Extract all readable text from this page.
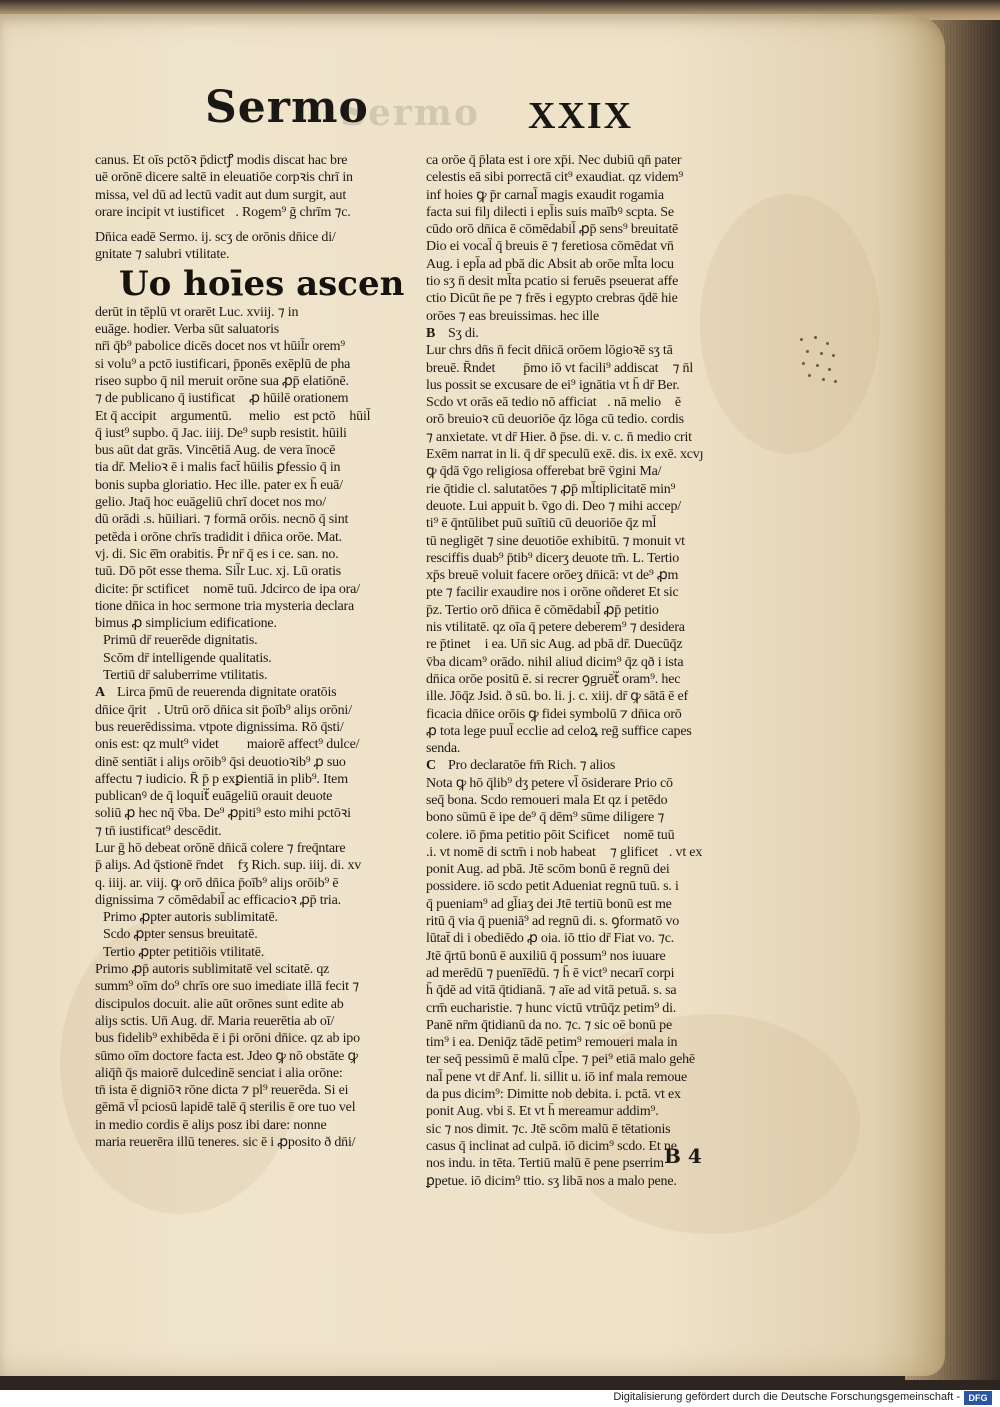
Sermo
Sermo	XXIX
canus. Et oīs pctōꝛ p̄dictꝭ modis discat hac bre
uē orōnē dicere saltē in eleuatiōe corpꝛis chrī in
missa, vel dū ad lectū vadit aut dum surgit, aut
orare incipit vt iustificet᷑. Rogem⁹ ḡ chrīm ⁊c.
Dn̄ica eadē Sermo. ij. scʒ de orōnis dn̄ice di/
gnitate ⁊ salubri vtilitate.
Uo hoīes ascen
derūt in tēplū vt orarēt Luc. xviij. ⁊ in
euāge. hodier. Verba sūt saluatoris
nr̄i q̄b⁹ pabolice dicēs docet nos vt hūil̄r orem⁹
si volu⁹ a pctō iustificari, p̄ponēs exēplū de pha
riseo supbo q̄ nil meruit orōne sua ꝓp̄ elatiōnē.
⁊ de publicano q̄ iustificat᷑ ꝓ hūilē orationem
Et q̄ accipit᷑ argumentū. ꝙ melioꝛ est pctōꝛ hūil̄
q̄ iust⁹ supbo. q̄ Jac. iiij. De⁹ supb resistit. hūili
bus aūt dat grās. Vincētiā Aug. de vera īnocē
tia dr̄. Melioꝛ ē i malis fact̄ hūilis ꝑfessio q̄ in
bonis supba gloriatio. Hec ille. pater ex h̄ euā/
gelio. Jtaq̄ hoc euāgeliū chrī docet nos mo/
dū orādi .s. hūiliari. ⁊ formā orōis. necnō q̄ sint
petēda i orōne chrīs tradidit i dn̄ica orōe. Mat.
vj. di. Sic ē̄m orabitis. P̄r nr̄ q̄ es i ce. san. no.
tuū. Dō pōt esse thema. Sil̄r Luc. xj. Lū oratis
dicite: p̄r sctificet᷑ nomē tuū. Jdcirco de ipa ora/
tione dn̄ica in hoc sermone tria mysteria declara
bimus ꝓ simplicium edificatione.
Primū dr̄ reuerēde dignitatis.
Scōm dr̄ intelligende qualitatis.
Tertiū dr̄ saluberrime vtilitatis.
A Lirca p̄mū de reuerenda dignitate oratōis
dn̄ice q̄rit᷑. Utrū orō dn̄ica sit p̄oīb⁹ aliȷs orōni/
bus reuerēdissima. vtpote dignissima. Rō q̄sti/
onis est: qz mult⁹ videt᷑ ꝙ maiorē affect⁹ dulce/
dinē sentiāt i aliȷs orōib⁹ q̄si deuotioꝛib⁹ ꝓ suo
affectu ⁊ iudicio. R̄ p̄ p exꝑientiā in plib⁹. Item
publicanꝰ de q̄ loquit᷑ euāgeliū orauit deuote
soliū ꝓ hec nq̄ v̄ba. De⁹ ꝓpiti⁹ esto mihi pctōꝛi
⁊ tn̄ iustificat⁹ descēdit.
Lur ḡ hō debeat orōnē dn̄icā colere ⁊ freq̄ntare
p̄ aliȷs. Ad q̄stionē r̄ndet᷑ fʒ Rich. sup. iiij. di. xv
q. iiij. ar. viij. ꝙ orō dn̄ica p̄oīb⁹ aliȷs orōib⁹ ē
dignissima ⁊ cōmēdabil̄ ac efficacioꝛ ꝓp̄ tria.
Primo ꝓpter autoris sublimitatē.
Scdo ꝓpter sensus breuitatē.
Tertio ꝓpter petitiōis vtilitatē.
Primo ꝓp̄ autoris sublimitatē vel scitatē. qz
summ⁹ oīm do⁹ chrīs ore suo imediate illā fecit ⁊
discipulos docuit. alie aūt orōnes sunt edite ab
aliȷs sctis. Un̄ Aug. dr̄. Maria reuerētia ab oī/
bus fidelib⁹ exhibēda ē i p̄i orōni dn̄ice. qz ab ipo
sūmo oīm doctore facta est. Jdeo ꝙ nō obstāte ꝙ
aliq̄ñ q̄s maiorē dulcedinē senciat i alia orōne:
tn̄ ista ē digniōꝛ rōne dicta ⁊ pl⁹ reuerēda. Si ei
gēmā vl̄ pciosū lapidē talē q̄ sterilis ē ore tuo vel
in medio cordis ē aliȷs posz ibi dare: nonne
maria reuerēra illū teneres. sic ē i ꝓposito ð dn̄i/
ca orōe q̄ p̄lata est i ore xp̄i. Nec dubiū qn̄ pater
celestis eā sibi porrectā cit⁹ exaudiat. qz videm⁹
inf hoies ꝙ p̄r carnal̄ magis exaudit rogamia
facta sui filȷ dilecti i epl̄is suis maībꝰ scpta. Se
cūdo orō dn̄ica ē cōmēdabil̄ ꝓp̄ sens⁹ breuitatē
Dio ei vocal̄ q̄ breuis ē ⁊ feretiosa cōmēdat vn̄
Aug. i epl̄a ad pbā dic Absit ab orōe ml̄ta locu
tio sʒ n̄ desit ml̄ta pcatio si feruēs pseuerat affe
ctio Dicūt n̄e pe ⁊ frēs i egypto crebras q̄dē hie
orōes ⁊ eas breuissimas. hec ille
B Sʒ di.
Lur chrs dn̄s n̄ fecit dn̄icā orōem lōgioꝛē sʒ tā
breuē. R̄ndet᷑ ꝙ p̄mo iō vt facili⁹ addiscat᷑ ⁊ n̄l
lus possit se excusare de ei⁹ ignātia vt h̄ dr̄ Ber.
Scdo vt orās eā tedio nō afficiat᷑. nā melioꝛ ē
orō breuioꝛ cū deuoriōe q̄z lōga cū tedio. cordis
⁊ anxietate. vt dr̄ Hier. ð p̄se. di. v. c. n̄ medio crit
Exēm narrat in li. q̄ dr̄ speculū exē. dis. ix exē. xcvȷ
ꝙ q̄dā v̄go religiosa offerebat brē v̄gini Ma/
rie q̄tidie cl. salutatōes ⁊ ꝓp̄ ml̄tiplicitatē min⁹
deuote. Lui appuit b. v̄go di. Deo ⁊ mihi accep/
ti⁹ ē q̄ntūlibet puū suītiū cū deuoriōe q̄z ml̄
tū negligēt ⁊ sine deuotiōe exhibitū. ⁊ monuit vt
resciffis duab⁹ p̄tib⁹ dicerʒ deuote tm̄. L. Tertio
xp̄s breuē voluit facere orōeʒ dn̄icā: vt de⁹ ꝓm
pte ⁊ facilir exaudire nos i orōne oñderet Et sic
p̄z. Tertio orō dn̄ica ē cōmēdabil̄ ꝓp̄ petitio
nis vtilitatē. qz oīa q̄ petere deberem⁹ ⁊ desidera
re p̄tinet᷑ i ea. Un̄ sic Aug. ad pbā dr̄. Duecūq̄z
v̄ba dicam⁹ orādo. nihil aliud dicim⁹ q̄z qð i ista
dn̄ica orōe positū ē. si recrer ꝯgruēt᷑ oram⁹. hec
ille. Jōq̄z Jsid. ð sū. bo. li. j. c. xiij. dr̄ ꝙ sātā ē ef
ficacia dn̄ice orōis ꝙ fidei symbolū ⁊ dn̄ica orō
ꝓ tota lege puul̄ ecclie ad celoꝝ reḡ suffice capes
senda.
C Pro declaratōe fm̄ Rich. ⁊ alios
Nota ꝙ hō q̄lib⁹ dʒ petere vl̄ ōsiderare Prio cō
seq̄ bona. Scdo remoueri mala Et qz i petēdo
bono sūmū ē ipe de⁹ q̄ dēm⁹ sūme diligere ⁊
colere. iō p̄ma petitio pōit Scificet᷑ nomē tuū
.i. vt nomē di sctm̄ i nob habeat᷑ ⁊ glificet᷑. vt ex
ponit Aug. ad pbā. Jtē scōm bonū ē regnū dei
possidere. iō scdo petit Adueniat regnū tuū. s. i
q̄ pueniam⁹ ad gl̄iaʒ dei Jtē tertiū bonū est me
ritū q̄ via q̄ pueniā⁹ ad regnū di. s. ꝯformatō vo
lūtat̄ di i obediēdo ꝓ oia. iō ttio dr̄ Fiat vo. ⁊c.
Jtē q̄rtū bonū ē auxiliū q̄ possum⁹ nos iuuare
ad merēdū ⁊ puenīēdū. ⁊ h̄ ē vict⁹ necarī corpi
h̄ q̄dē ad vitā q̄tidianā. ⁊ aīe ad vitā petuā. s. sa
crm̄ eucharistie. ⁊ hunc victū vtrūq̄z petim⁹ di.
Panē nr̄m q̄tidianū da no. ⁊c. ⁊ sic oē bonū pe
tim⁹ i ea. Deniq̄z tādē petim⁹ remoueri mala in
ter seq̄ pessimū ē malū cl̄pe. ⁊ pei⁹ etiā malo gehē
nal̄ pene vt dr̄ Anf. li. sillit u. iō inf mala remoue
da pus dicim⁹: Dimitte nob debita. i. pctā. vt ex
ponit Aug. vbi s̄. Et vt h̄ mereamur addim⁹.
sic ⁊ nos dimit. ⁊c. Jtē scōm malū ē tētationis
casus q̄ inclinat ad culpā. iō dicim⁹ scdo. Et ne
nos indu. in tēta. Tertiū malū ē pene pserrim
ꝑpetue. iō dicim⁹ ttio. sʒ libā nos a malo pene.
B 4
Digitalisierung gefördert durch die Deutsche Forschungsgemeinschaft - DFG
